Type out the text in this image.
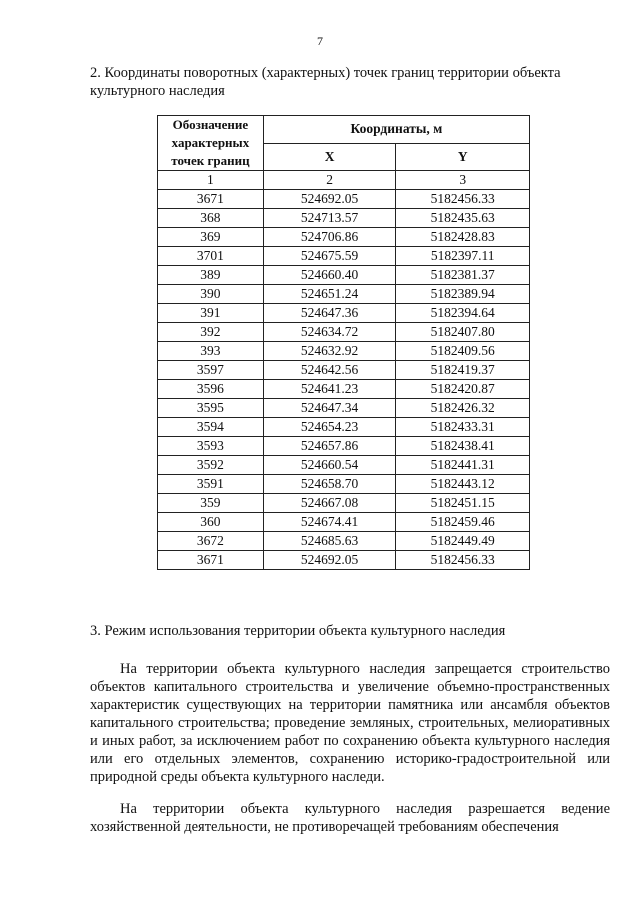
7
2. Координаты поворотных (характерных) точек границ территории объекта культурного наследия
Обозначение характерных точек границ	Координаты, м	
	X	Y
1	2	3
3671	524692.05	5182456.33
368	524713.57	5182435.63
369	524706.86	5182428.83
3701	524675.59	5182397.11
389	524660.40	5182381.37
390	524651.24	5182389.94
391	524647.36	5182394.64
392	524634.72	5182407.80
393	524632.92	5182409.56
3597	524642.56	5182419.37
3596	524641.23	5182420.87
3595	524647.34	5182426.32
3594	524654.23	5182433.31
3593	524657.86	5182438.41
3592	524660.54	5182441.31
3591	524658.70	5182443.12
359	524667.08	5182451.15
360	524674.41	5182459.46
3672	524685.63	5182449.49
3671	524692.05	5182456.33
3. Режим использования территории объекта культурного наследия

На территории объекта культурного наследия запрещается строительство объектов капитального строительства и увеличение объемно-пространственных характеристик существующих на территории памятника или ансамбля объектов капитального строительства; проведение земляных, строительных, мелиоративных и иных работ, за исключением работ по сохранению объекта культурного наследия или его отдельных элементов, сохранению историко-градостроительной или природной среды объекта культурного наследи.

На территории объекта культурного наследия разрешается ведение хозяйственной деятельности, не противоречащей требованиям обеспечения
